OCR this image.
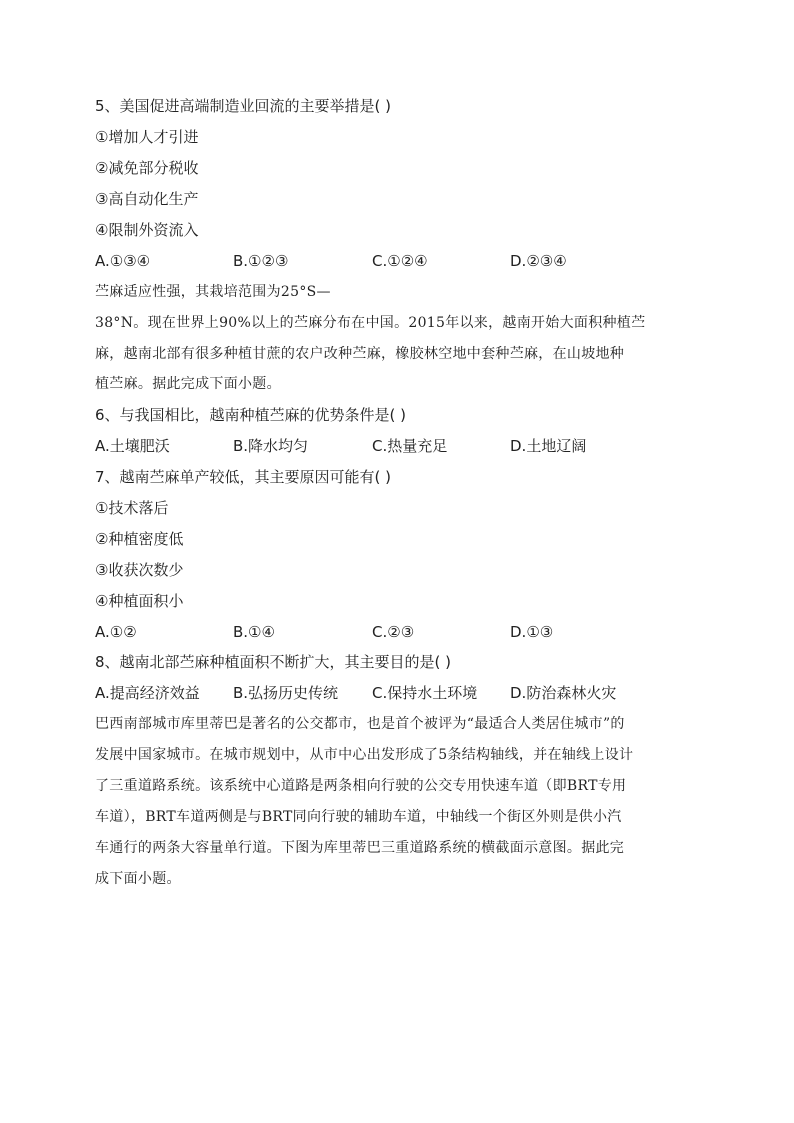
5、美国促进高端制造业回流的主要举措是( )
①增加人才引进
②减免部分税收
③高自动化生产
④限制外资流入
A.①③④	B.①②③	C.①②④	D.②③④
苎麻适应性强，其栽培范围为25°S—
38°N。现在世界上90%以上的苎麻分布在中国。2015年以来，越南开始大面积种植苎
麻，越南北部有很多种植甘蔗的农户改种苎麻，橡胶林空地中套种苎麻，在山坡地种
植苎麻。据此完成下面小题。
6、与我国相比，越南种植苎麻的优势条件是( )
A.土壤肥沃	B.降水均匀	C.热量充足	D.土地辽阔
7、越南苎麻单产较低，其主要原因可能有( )
①技术落后
②种植密度低
③收获次数少
④种植面积小
A.①②	B.①④	C.②③	D.①③
8、越南北部苎麻种植面积不断扩大，其主要目的是( )
A.提高经济效益 B.弘扬历史传统 C.保持水土环境 D.防治森林火灾
巴西南部城市库里蒂巴是著名的公交都市，也是首个被评为“最适合人类居住城市”的
发展中国家城市。在城市规划中，从市中心出发形成了5条结构轴线，并在轴线上设计
了三重道路系统。该系统中心道路是两条相向行驶的公交专用快速车道（即BRT专用
车道），BRT车道两侧是与BRT同向行驶的辅助车道，中轴线一个街区外则是供小汽
车通行的两条大容量单行道。下图为库里蒂巴三重道路系统的横截面示意图。据此完
成下面小题。
